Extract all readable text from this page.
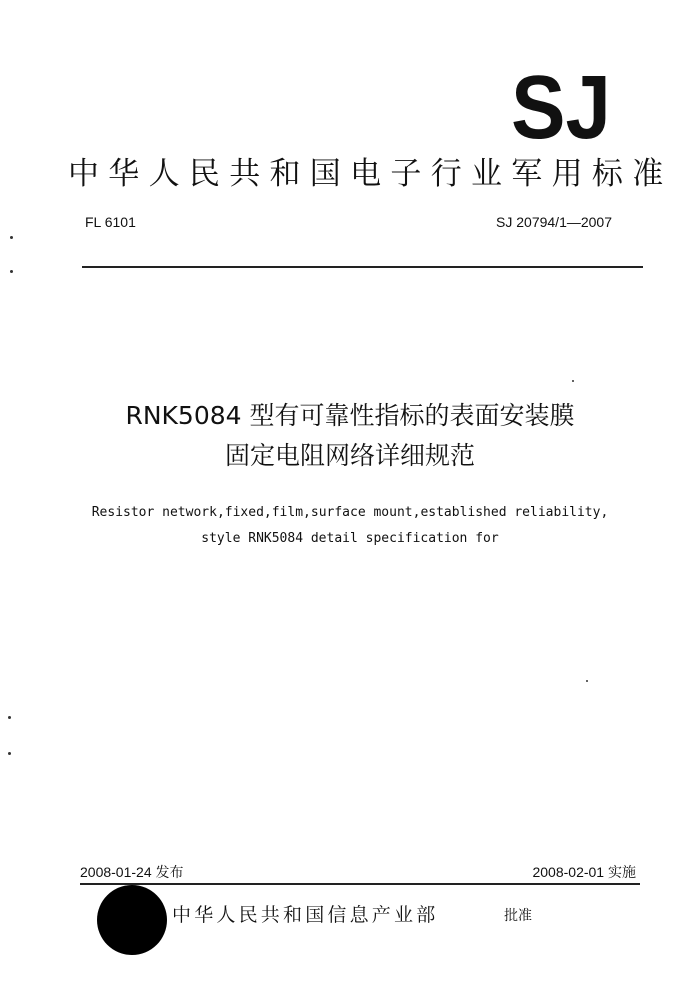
SJ
中华人民共和国电子行业军用标准
FL 6101	SJ 20794/1—2007
RNK5084 型有可靠性指标的表面安装膜
固定电阻网络详细规范
Resistor network,fixed,film,surface mount,established reliability,
style RNK5084 detail specification for
2008-01-24 发布	2008-02-01 实施
中华人民共和国信息产业部	批准
